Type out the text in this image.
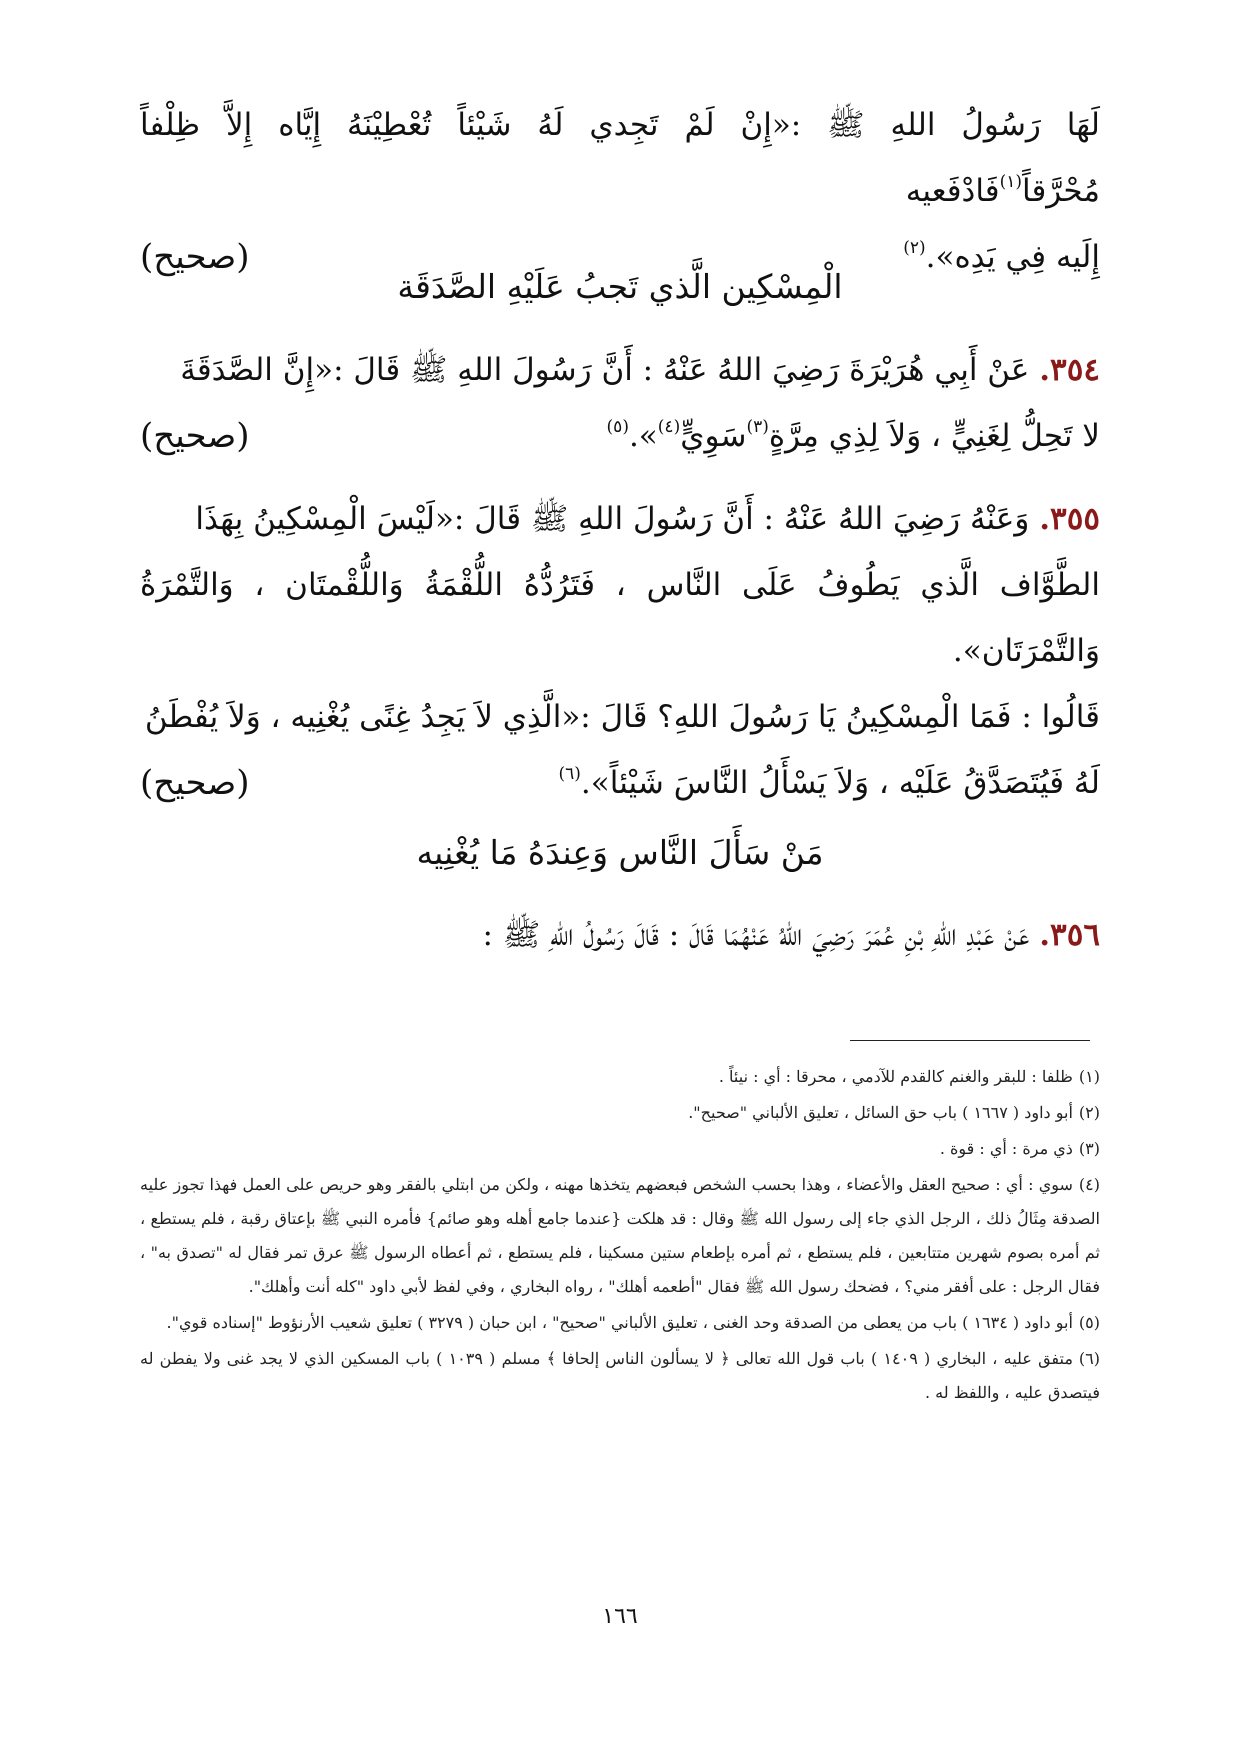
لَهَا رَسُولُ اللهِ ﷺ :«إِنْ لَمْ تَجِدي لَهُ شَيْئاً تُعْطِيْنَهُ إِيَّاه إِلاَّ ظِلْفاً مُحْرَّقاً$^{(١)}$فَادْفَعيه

إِلَيه فِي يَدِه».$^{(٢)}$
(صحيح)

الْمِسْكِين الَّذي تَجبُ عَلَيْهِ الصَّدَقَة

٣٥٤. عَنْ أَبِي هُرَيْرَةَ رَضِيَ اللهُ عَنْهُ : أَنَّ رَسُولَ اللهِ ﷺ قَالَ :«إِنَّ الصَّدَقَةَ

لا تَحِلُّ لِغَنِيٍّ ، وَلاَ لِذِي مِرَّةٍ$^{(٣)}$سَوِيٍّ$^{(٤)}$».$^{(٥)}$
(صحيح)

٣٥٥. وَعَنْهُ رَضِيَ اللهُ عَنْهُ : أَنَّ رَسُولَ اللهِ ﷺ قَالَ :«لَيْسَ الْمِسْكِينُ بِهَذَا

الطَّوَّاف الَّذي يَطُوفُ عَلَى النَّاس ، فَتَرُدُّهُ اللُّقْمَةُ وَاللُّقْمتَان ، وَالتَّمْرَةُ وَالتَّمْرَتَان».

قَالُوا : فَمَا الْمِسْكِينُ يَا رَسُولَ اللهِ؟ قَالَ :«الَّذِي لاَ يَجِدُ غِنًى يُغْنِيه ، وَلاَ يُفْطَنُ

لَهُ فَيُتَصَدَّقُ عَلَيْه ، وَلاَ يَسْأَلُ النَّاسَ شَيْئاً».$^{(٦)}$
(صحيح)

مَنْ سَأَلَ النَّاس وَعِندَهُ مَا يُغْنِيه

٣٥٦. عَنْ عَبْدِ اللهِ بْنِ عُمَرَ رَضِيَ اللهُ عَنْهُمَا قَالَ : قَالَ رَسُولُ اللهِ ﷺ :

(١)ظلفا : للبقر والغنم كالقدم للآدمي ، محرقا : أي : نيئاً .

(٢)أبو داود ( ١٦٦٧ ) باب حق السائل ، تعليق الألباني "صحيح".

(٣)ذي مرة : أي : قوة .

(٤)سوي : أي : صحيح العقل والأعضاء ، وهذا بحسب الشخص فبعضهم يتخذها مهنه ، ولكن من ابتلي بالفقر وهو حريص على العمل فهذا تجوز عليه الصدقة مِثَالُ ذلك ، الرجل الذي جاء إلى رسول الله ﷺ وقال : قد هلكت {عندما جامع أهله وهو صائم} فأمره النبي ﷺ بإعتاق رقبة ، فلم يستطع ، ثم أمره بصوم شهرين متتابعين ، فلم يستطع ، ثم أمره بإطعام ستين مسكينا ، فلم يستطع ، ثم أعطاه الرسول ﷺ عرق تمر فقال له "تصدق به" ، فقال الرجل : على أفقر مني؟ ، فضحك رسول الله ﷺ فقال "أطعمه أهلك" ، رواه البخاري ، وفي لفظ لأبي داود "كله أنت وأهلك".

(٥)أبو داود ( ١٦٣٤ ) باب من يعطى من الصدقة وحد الغنى ، تعليق الألباني "صحيح" ، ابن حبان ( ٣٢٧٩ ) تعليق شعيب الأرنؤوط "إسناده قوي".

(٦)متفق عليه ، البخاري ( ١٤٠٩ ) باب قول الله تعالى ﴿ لا يسألون الناس إلحافا ﴾ مسلم ( ١٠٣٩ ) باب المسكين الذي لا يجد غنى ولا يفطن له فيتصدق عليه ، واللفظ له .

١٦٦
